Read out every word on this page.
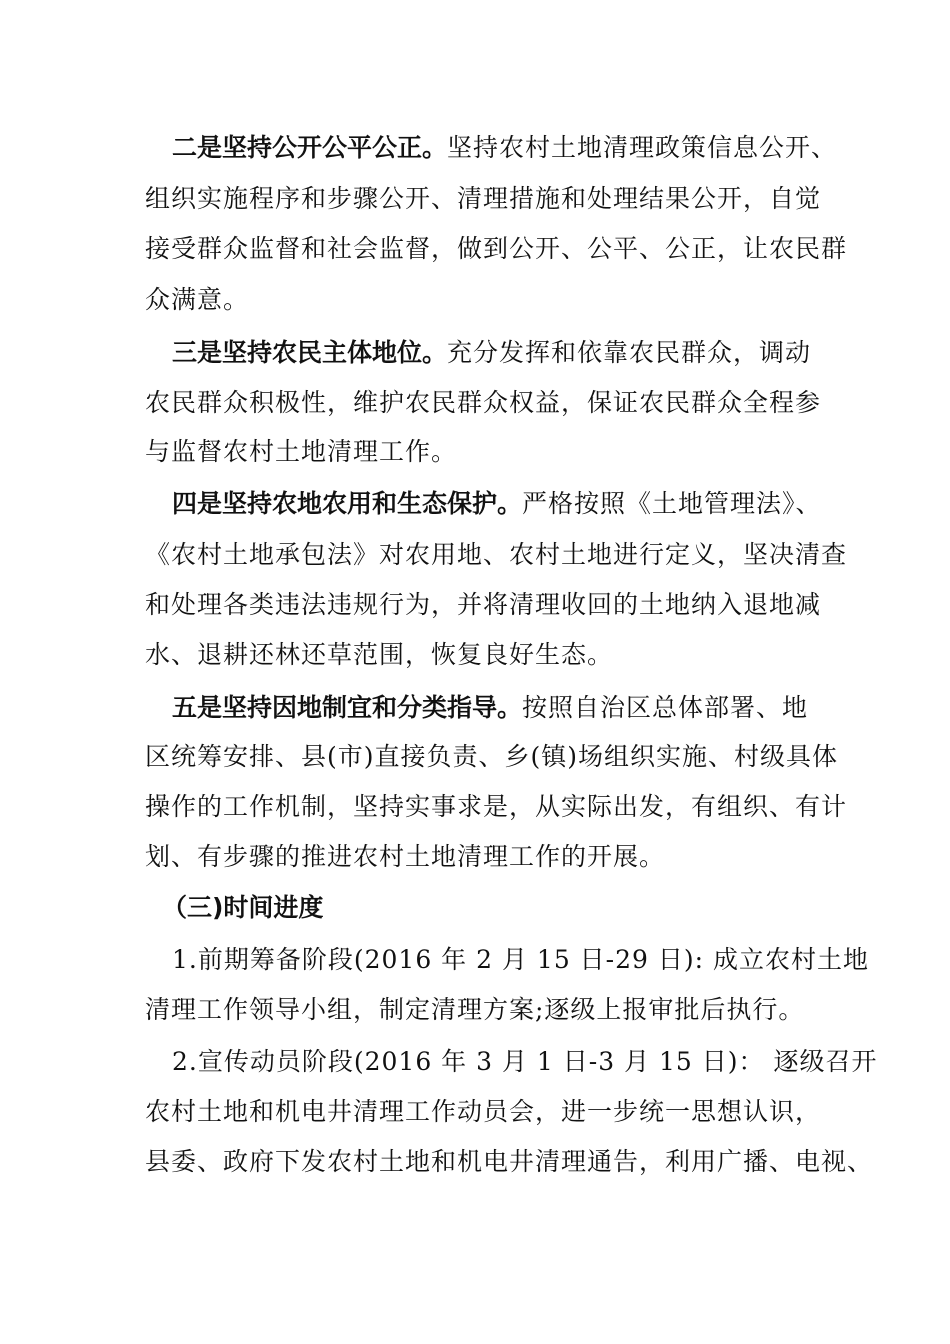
二是坚持公开公平公正。坚持农村土地清理政策信息公开、
组织实施程序和步骤公开、清理措施和处理结果公开，自觉
接受群众监督和社会监督，做到公开、公平、公正，让农民群
众满意。
三是坚持农民主体地位。充分发挥和依靠农民群众，调动
农民群众积极性，维护农民群众权益，保证农民群众全程参
与监督农村土地清理工作。
四是坚持农地农用和生态保护。严格按照《土地管理法》、
《农村土地承包法》对农用地、农村土地进行定义，坚决清查
和处理各类违法违规行为，并将清理收回的土地纳入退地减
水、退耕还林还草范围，恢复良好生态。
五是坚持因地制宜和分类指导。按照自治区总体部署、地
区统筹安排、县(市)直接负责、乡(镇)场组织实施、村级具体
操作的工作机制，坚持实事求是，从实际出发，有组织、有计
划、有步骤的推进农村土地清理工作的开展。
（三)时间进度
1.前期筹备阶段(2016 年 2 月 15 日-29 日): 成立农村土地
清理工作领导小组，制定清理方案;逐级上报审批后执行。
2.宣传动员阶段(2016 年 3 月 1 日-3 月 15 日)： 逐级召开
农村土地和机电井清理工作动员会，进一步统一思想认识，
县委、政府下发农村土地和机电井清理通告，利用广播、电视、
